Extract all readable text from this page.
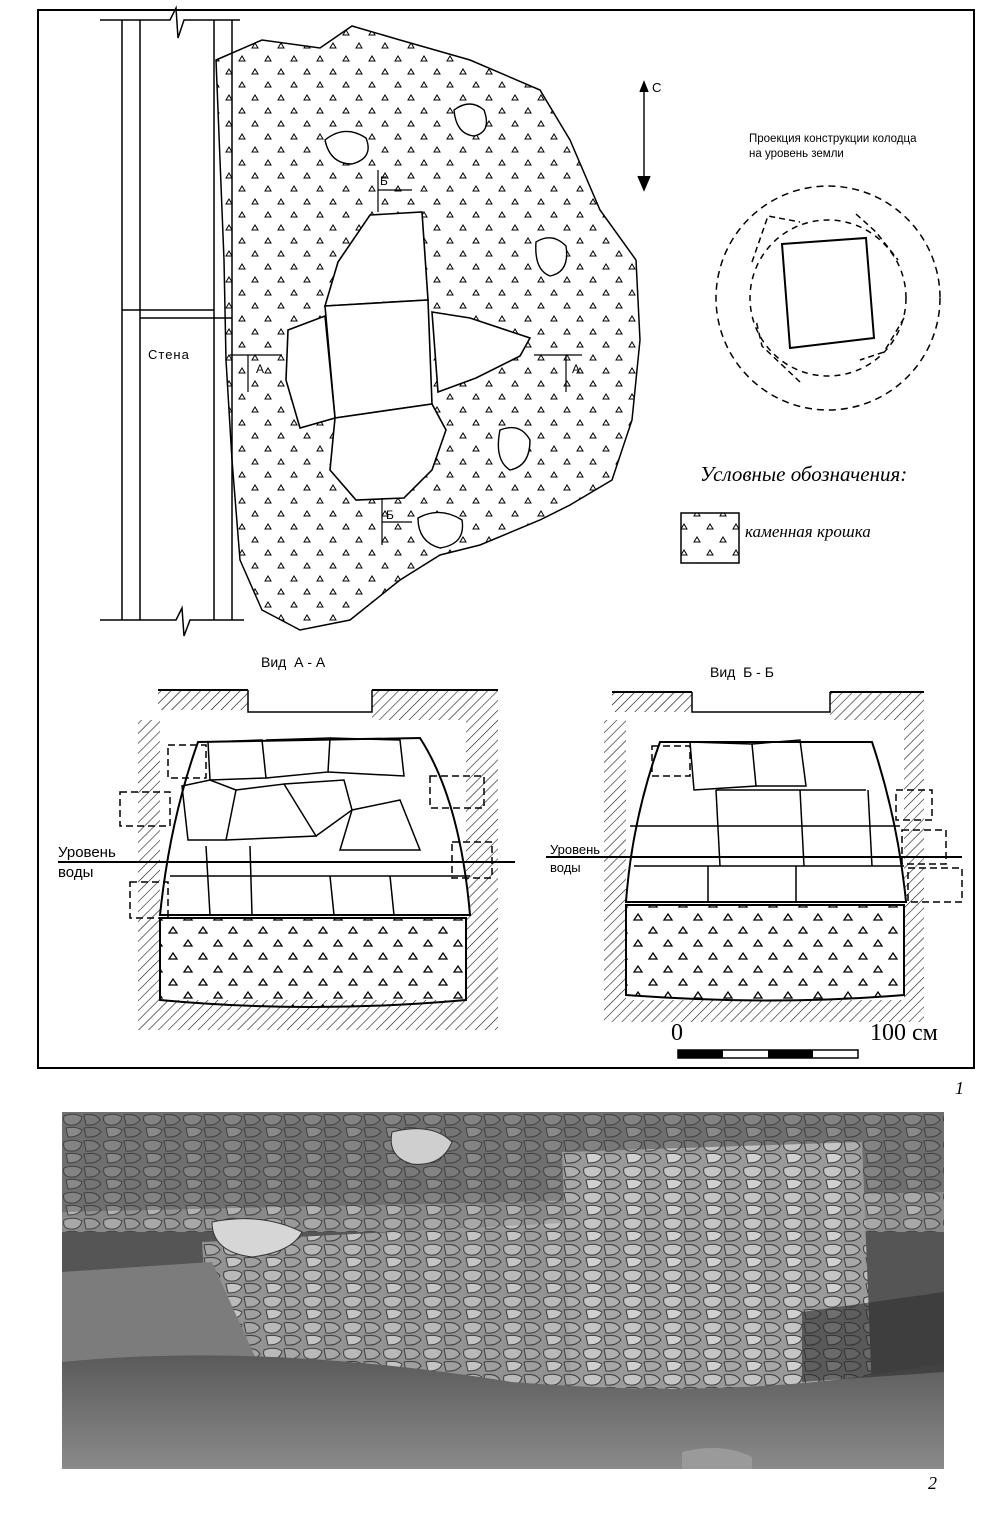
Стена
С
А	А
Б
Б
Проекция конструкции колодца
на уровень земли
Условные обозначения:
каменная крошка
Вид  А - А
Вид  Б - Б
Уровень
воды
Уровень
воды
0	100 см
1
2
